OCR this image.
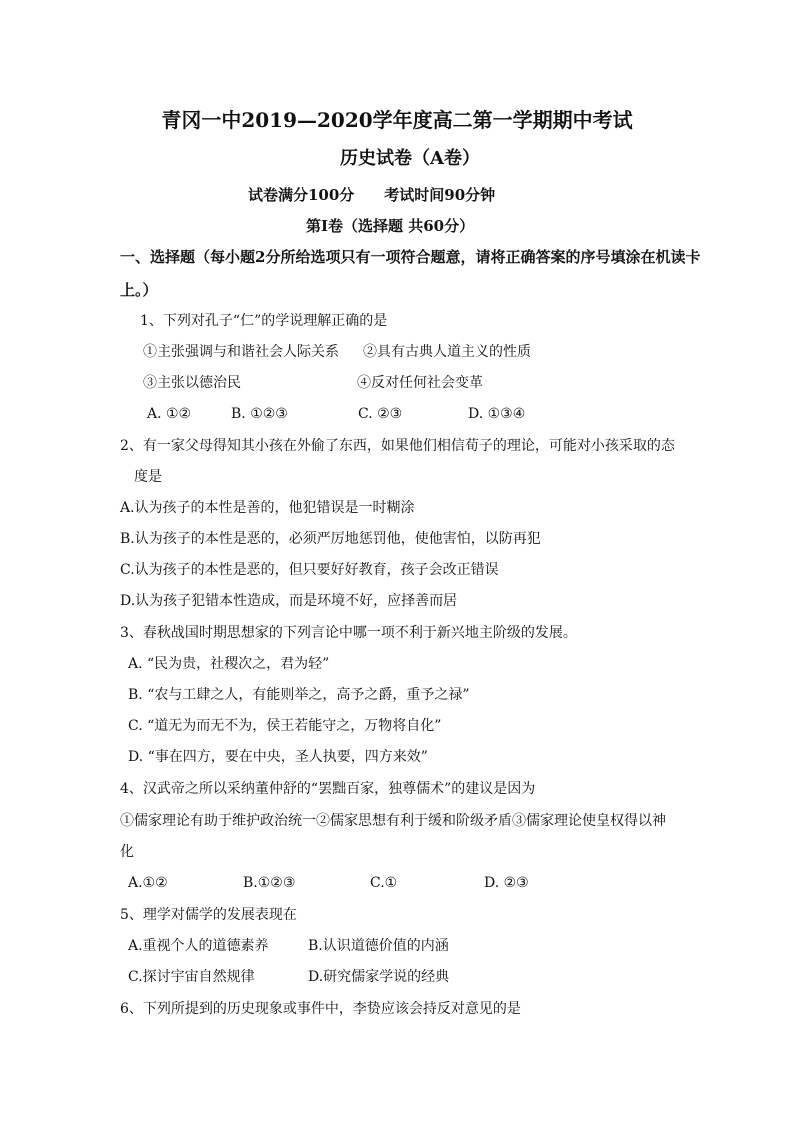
青冈一中2019—2020学年度高二第一学期期中考试
历史试卷（A卷）
试卷满分100分　　考试时间90分钟
第Ⅰ卷（选择题 共60分）
一、选择题（每小题2分所给选项只有一项符合题意，请将正确答案的序号填涂在机读卡
上。）
1、下列对孔子“仁”的学说理解正确的是
①主张强调与和谐社会人际关系 ②具有古典人道主义的性质
③主张以德治民	④反对任何社会变革
A. ①②	B. ①②③	C. ②③	D. ①③④
2、有一家父母得知其小孩在外偷了东西，如果他们相信荀子的理论，可能对小孩采取的态
度是
A.认为孩子的本性是善的，他犯错误是一时糊涂
B.认为孩子的本性是恶的，必须严厉地惩罚他，使他害怕，以防再犯
C.认为孩子的本性是恶的，但只要好好教育，孩子会改正错误
D.认为孩子犯错本性造成，而是环境不好，应择善而居
3、春秋战国时期思想家的下列言论中哪一项不利于新兴地主阶级的发展。
A. “民为贵，社稷次之，君为轻”
B. “农与工肆之人，有能则举之，高予之爵，重予之禄”
C. “道无为而无不为，侯王若能守之，万物将自化”
D. “事在四方，要在中央，圣人执要，四方来效”
4、汉武帝之所以采纳董仲舒的“罢黜百家，独尊儒术”的建议是因为
①儒家理论有助于维护政治统一②儒家思想有利于缓和阶级矛盾③儒家理论使皇权得以神
化
A.①②	B.①②③	C.①	D. ②③
5、理学对儒学的发展表现在
A.重视个人的道德素养	B.认识道德价值的内涵
C.探讨宇宙自然规律	D.研究儒家学说的经典
6、下列所提到的历史现象或事件中，李贽应该会持反对意见的是
